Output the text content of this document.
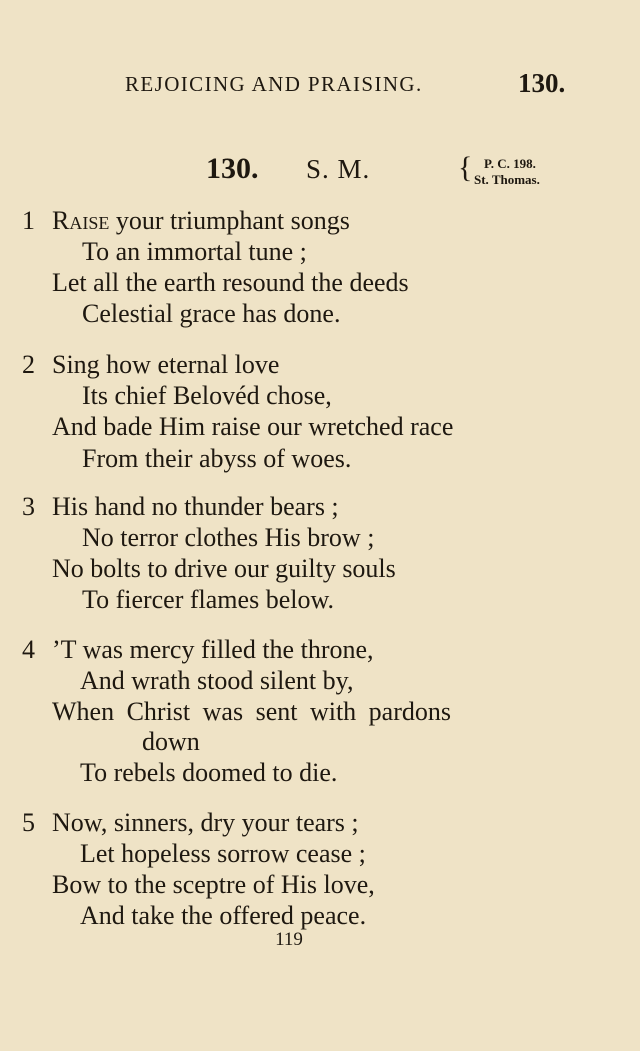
REJOICING AND PRAISING.	130.
130. S. M.	{ P. C. 198.
St. Thomas.
1 Raise your triumphant songs
To an immortal tune ;
Let all the earth resound the deeds
Celestial grace has done.
2 Sing how eternal love
Its chief Belovéd chose,
And bade Him raise our wretched race
From their abyss of woes.
3 His hand no thunder bears ;
No terror clothes His brow ;
No bolts to drive our guilty souls
To fiercer flames below.
4 ’T was mercy filled the throne,
And wrath stood silent by,
When Christ was sent with pardons
down
To rebels doomed to die.
5 Now, sinners, dry your tears ;
Let hopeless sorrow cease ;
Bow to the sceptre of His love,
And take the offered peace.
119
